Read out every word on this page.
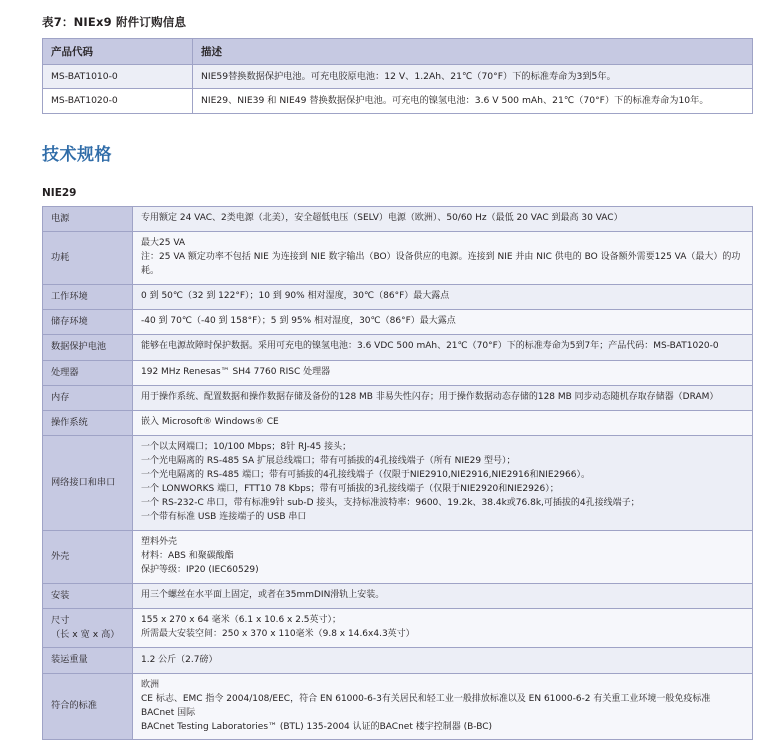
表7：NIEx9 附件订购信息
产品代码	描述
MS-BAT1010-0	NIE59替换数据保护电池。可充电胶原电池：12 V、1.2Ah、21℃（70°F）下的标准寿命为3到5年。
MS-BAT1020-0	NIE29、NIE39 和 NIE49 替换数据保护电池。可充电的镍氢电池：3.6 V 500 mAh、21℃（70°F）下的标准寿命为10年。
技术规格
NIE29
电源	专用额定 24 VAC、2类电源（北美），安全超低电压（SELV）电源（欧洲）、50/60 Hz（最低 20 VAC 到最高 30 VAC）

功耗	最大25 VA
注：25 VA 额定功率不包括 NIE 为连接到 NIE 数字输出（BO）设备供应的电源。连接到 NIE 并由 NIC 供电的 BO 设备额外需要125 VA（最大）的功耗。

工作环境	0 到 50℃（32 到 122°F）；10 到 90% 相对湿度，30℃（86°F）最大露点

储存环境	-40 到 70℃（-40 到 158°F）；5 到 95% 相对湿度，30℃（86°F）最大露点

数据保护电池	能够在电源故障时保护数据。采用可充电的镍氢电池：3.6 VDC 500 mAh、21℃（70°F）下的标准寿命为5到7年；产品代码：MS-BAT1020-0

处理器	192 MHz Renesas™ SH4 7760 RISC 处理器

内存	用于操作系统、配置数据和操作数据存储及备份的128 MB 非易失性闪存；用于操作数据动态存储的128 MB 同步动态随机存取存储器（DRAM）

操作系统	嵌入 Microsoft® Windows® CE

网络接口和串口	
一个以太网端口；10/100 Mbps；8针 RJ-45 接头；
一个光电隔离的 RS-485 SA 扩展总线端口；带有可插拔的4孔接线端子（所有 NIE29 型号）；
一个光电隔离的 RS-485 端口；带有可插拔的4孔接线端子（仅限于NIE2910,NIE2916,NIE2916和NIE2966）。
一个 LONWORKS 端口，FTT10 78 Kbps；带有可插拔的3孔接线端子（仅限于NIE2920和NIE2926）；
一个 RS-232-C 串口，带有标准9针 sub-D 接头，支持标准波特率：9600、19.2k、38.4k或76.8k,可插拔的4孔接线端子；
一个带有标准 USB 连接端子的 USB 串口

外壳	塑料外壳
材料：ABS 和聚碳酸酯
保护等级：IP20 (IEC60529)

安装	用三个螺丝在水平面上固定，或者在35mmDIN滑轨上安装。

尺寸
（长 x 宽 x 高）	155 x 270 x 64 毫米（6.1 x 10.6 x 2.5英寸）；
所需最大安装空间：250 x 370 x 110毫米（9.8 x 14.6x4.3英寸）

装运重量	1.2 公斤（2.7磅）

符合的标准	欧洲
CE 标志、EMC 指令 2004/108/EEC，符合 EN 61000-6-3有关居民和轻工业一般排放标准以及 EN 61000-6-2 有关重工业环境一般免疫标准
BACnet 国际
BACnet Testing Laboratories™ (BTL) 135-2004 认证的BACnet 楼宇控制器 (B-BC)
